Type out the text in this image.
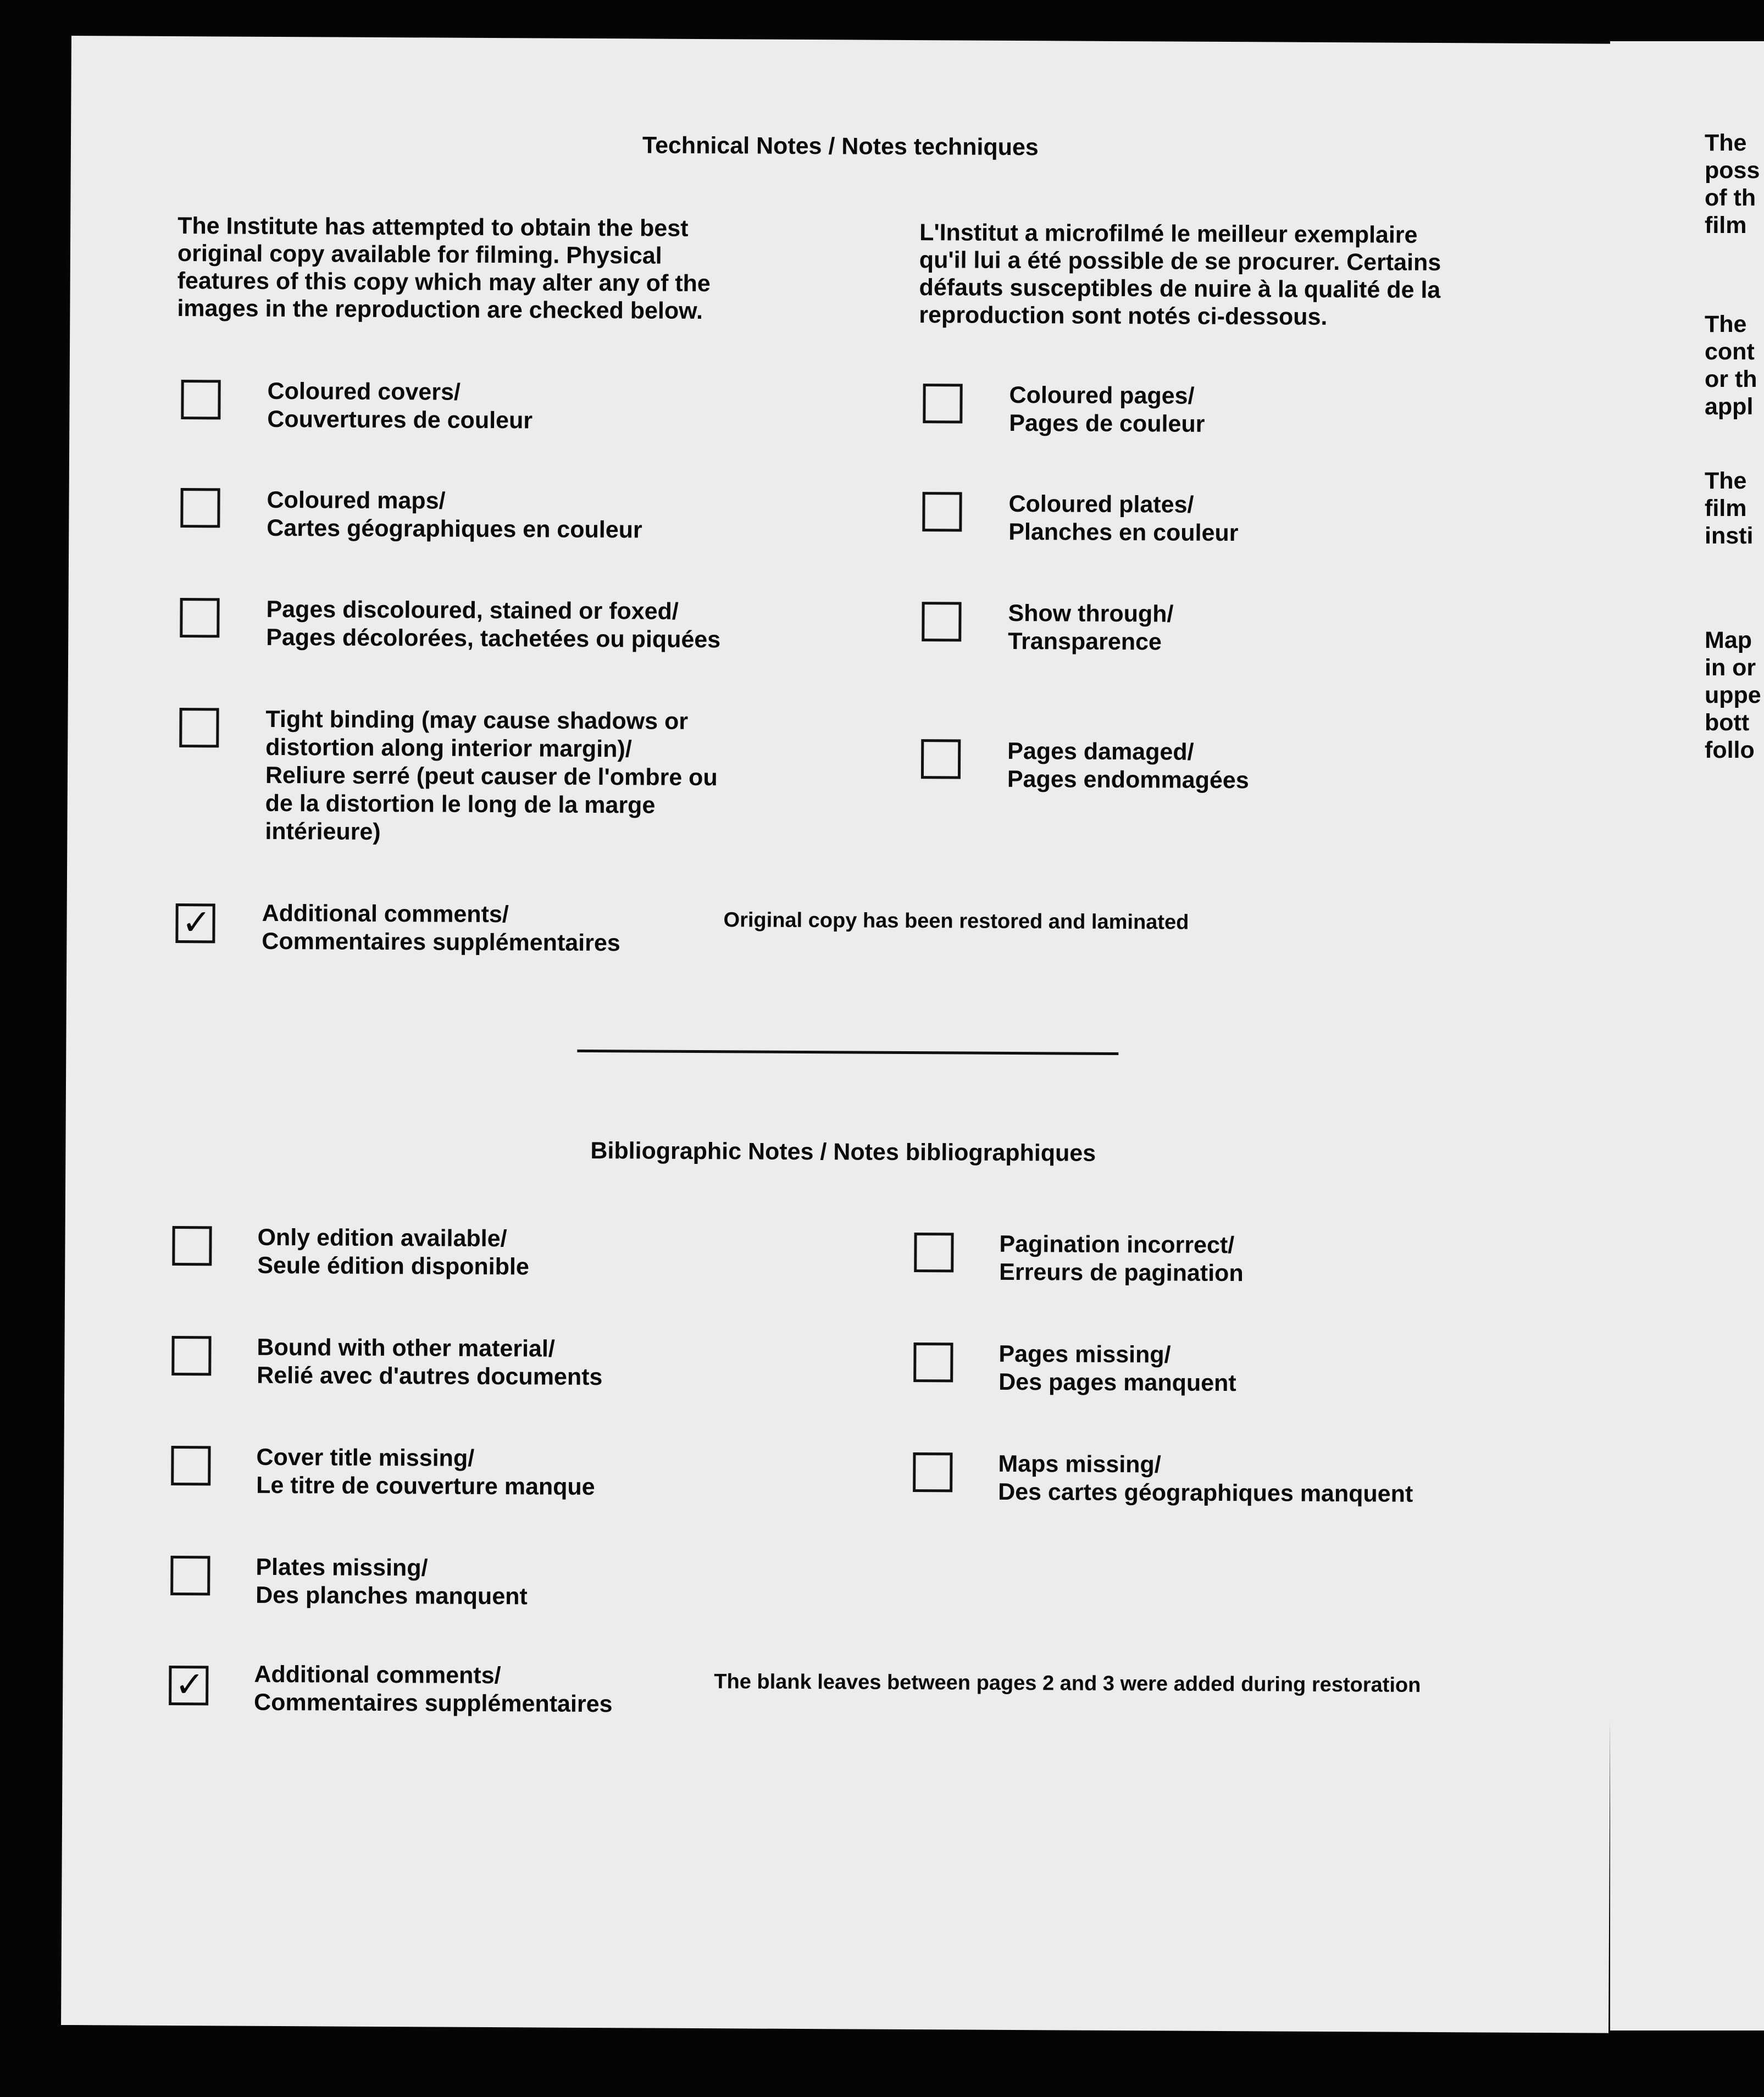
The
poss
of th
film
The
cont
or th
appl
The
film
insti
Map
in or
uppe
bott
follo
Technical Notes / Notes techniques
The Institute has attempted to obtain the best
original copy available for filming. Physical
features of this copy which may alter any of the
images in the reproduction are checked below.
L'Institut a microfilmé le meilleur exemplaire
qu'il lui a été possible de se procurer. Certains
défauts susceptibles de nuire à la qualité de la
reproduction sont notés ci-dessous.
Coloured covers/
Couvertures de couleur
Coloured maps/
Cartes géographiques en couleur
Pages discoloured, stained or foxed/
Pages décolorées, tachetées ou piquées
Tight binding (may cause shadows or
distortion along interior margin)/
Reliure serré (peut causer de l'ombre ou
de la distortion le long de la marge
intérieure)
Coloured pages/
Pages de couleur
Coloured plates/
Planches en couleur
Show through/
Transparence
Pages damaged/
Pages endommagées
✓ Additional comments/
Commentaires supplémentaires
Original copy has been restored and laminated
Bibliographic Notes / Notes bibliographiques
Only edition available/
Seule édition disponible
Bound with other material/
Relié avec d'autres documents
Cover title missing/
Le titre de couverture manque
Plates missing/
Des planches manquent
Pagination incorrect/
Erreurs de pagination
Pages missing/
Des pages manquent
Maps missing/
Des cartes géographiques manquent
✓ Additional comments/
Commentaires supplémentaires
The blank leaves between pages 2 and 3 were added during restoration
